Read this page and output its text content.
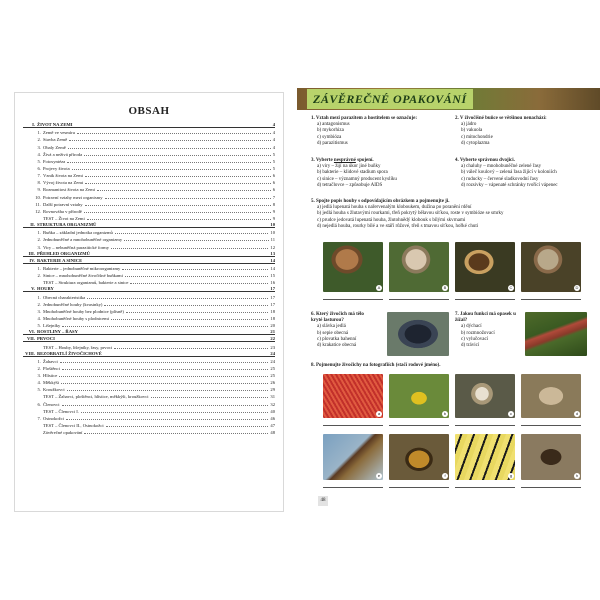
OBSAH
I. ŽIVOT NA ZEMI	4
1. Země ve vesmíru	4
2. Stavba Země	4
3. Obaly Země	4
4. Živá a neživá příroda	5
5. Fotosyntéza	5
6. Projevy života	5
7. Vznik života na Zemi	6
8. Vývoj života na Zemi	6
9. Rozmanitost života na Zemi	6
10. Potravní vztahy mezi organismy	7
11. Další potravní vztahy	8
12. Rovnováha v přírodě	9
TEST – Život na Zemi	9
II. STRUKTURA ORGANIZMŮ	10
1. Buňka – základní jednotka organizmů	10
2. Jednobuněčné a mnohobuněčné organizmy	11
3. Viry – nebuněčná parazitické formy	12
III. PŘEHLED ORGANIZMŮ	13
IV. BAKTERIE A SINICE	14
1. Bakterie – jednobuněčné mikroorganizmy	14
2. Sinice – mnohobuněčné živočišné buňkami	15
TEST – Struktura organizmů, bakterie a sinice	16
V. HOUBY	17
1. Obecná charakteristika	17
2. Jednobuněčné houby (kvasinky)	17
3. Mnohobuněčné houby bez plodnice (plísně)	18
4. Mnohobuněčné houby s plodnicemi	18
5. Lišejníky	20
VI. ROSTLINY – ŘASY	21
VII. PRVOCI	22
TEST – Houby, lišejníky, řasy, prvoci	23
VIII. BEZOBRATLÍ ŽIVOČICHOVÉ	24
1. Žahavci	24
2. Ploštěnci	25
3. Hlístice	25
4. Měkkýši	26
5. Kroužkovci	29
TEST – Žahavci, ploštěnci, hlístice, měkkýši, kroužkovci	31
6. Členovci	32
TEST – Členovci I.	40
7. Ostnokožci	46
TEST – Členovci II., Ostnokožci	47
Závěrečné opakování	48
ZÁVĚREČNÉ OPAKOVÁNÍ
1. Vztah mezi parazitem a hostitelem se označuje:
a) antagonismus
b) mykorhiza
c) symbióza
d) parazitismus
2. V živočišné buňce se většinou nenachází:
a) jádro
b) vakuola
c) mitochondrie
d) cytoplazma
3. Vyberte nesprávné spojení.
a) viry – žijí na úkor jiné buňky
b) bakterie – klidové stadium spora
c) sinice – významný producent kyslíku
d) tetračlovce – způsobuje AIDS
4. Vyberte správnou dvojici.
a) chaluhy – mnohobuněčné zelené řasy
b) váleč koulový – zelená řasa žijící v koloniích
c) ruducky – červené sladkovodní řasy
d) rozsivky – vápenaté schránky tvořící vápenec
5. Spojte popis houby s odpovídajícím obrázkem a pojmenujte ji.
a) jedlá lupenatá houba s nařervenalým kloboukem, dužina po poranění rdění
b) jedlá houba s žlutavými rourkami, třeň pokrytý bělavou síťkou, roste v symbióze se smrky
c) prudce jedovatá lupenatá houba, žlutohnědý klobouk s bílými skvrnami
d) nejedlá houba, rourky bílé a ve stáří růžové, třeň s tmavou síťkou, hořké chuti
A	B	C	D
6. Který živočich má tělo kryté lasturou?
a) slávka jedlá
b) sepie obecná
c) plovatka bahenní
d) krakatice obecná
7. Jakou funkci má opasek u žížal?
a) dýchací
b) rozmnožovací
c) vylučovací
d) trávicí
8. Pojmenujte živočichy na fotografiích (stačí rodové jméno).
a	b	c	d
e	f	g	h
48
